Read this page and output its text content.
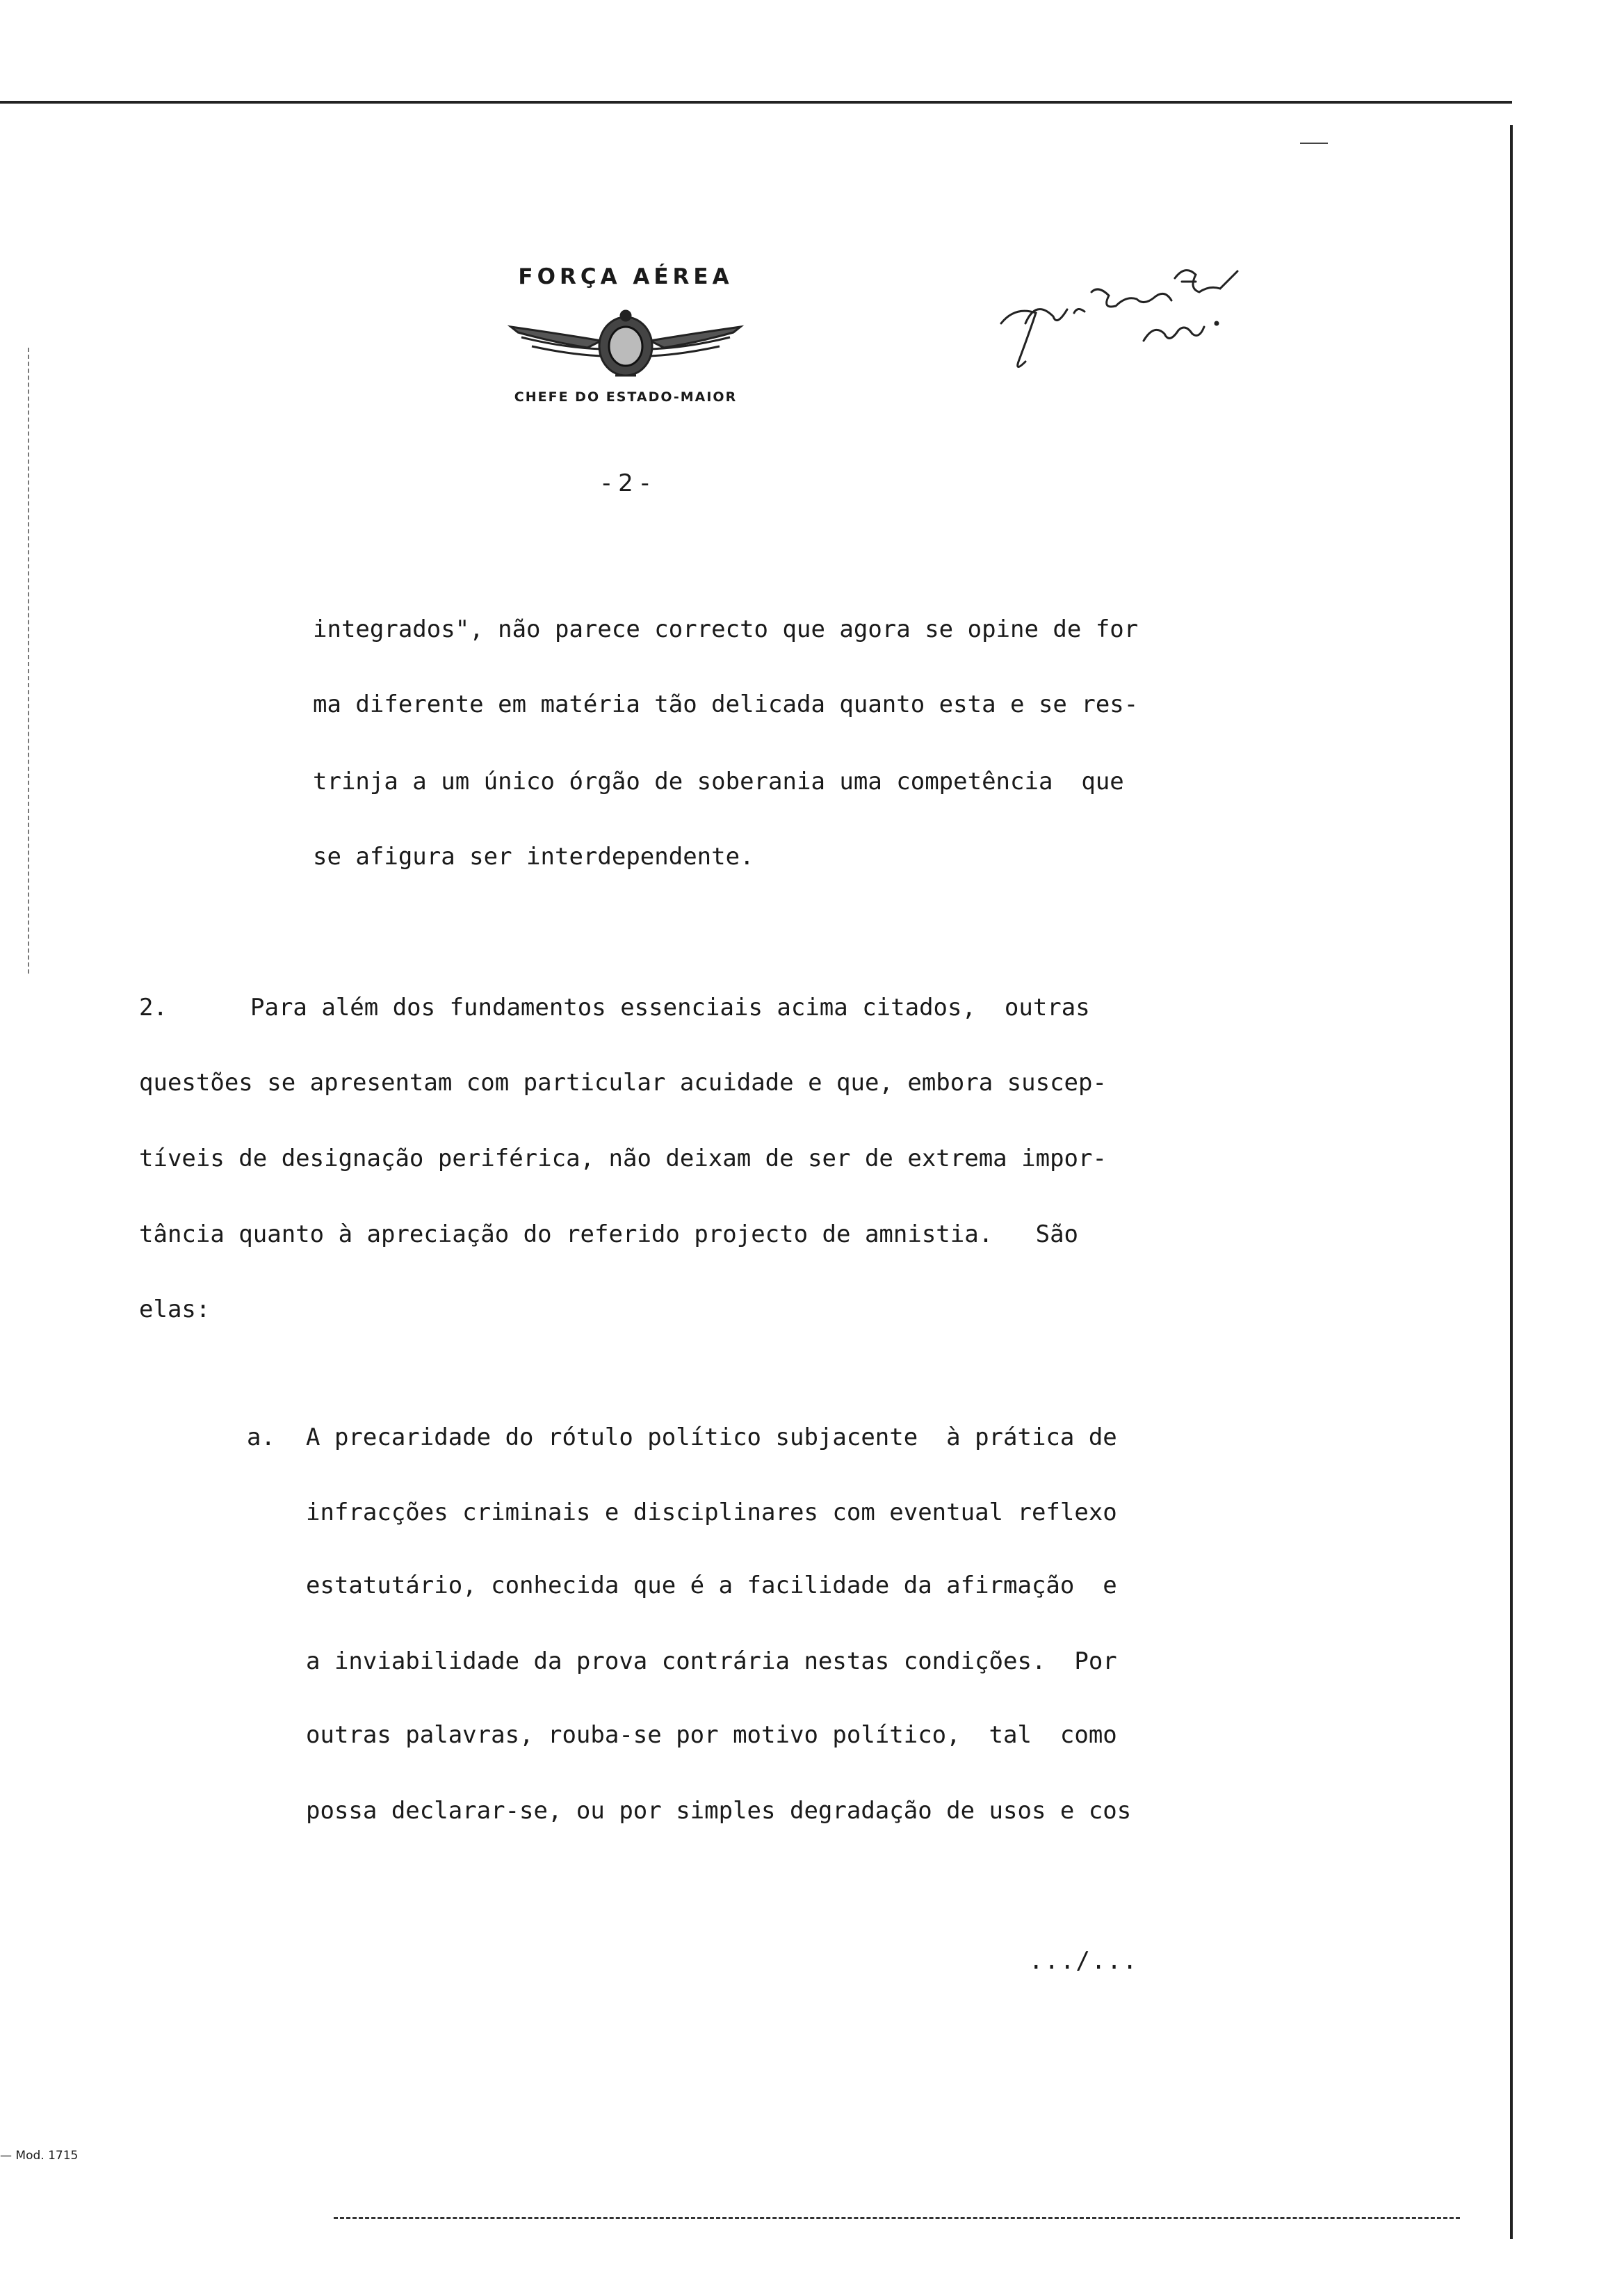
FORÇA AÉREA
CHEFE DO ESTADO-MAIOR
- 2 -
integrados", não parece correcto que agora se opine de for
ma diferente em matéria tão delicada quanto esta e se res-
trinja a um único órgão de soberania uma competência  que
se afigura ser interdependente.
2.	Para além dos fundamentos essenciais acima citados,  outras
questões se apresentam com particular acuidade e que, embora suscep-
tíveis de designação periférica, não deixam de ser de extrema impor-
tância quanto à apreciação do referido projecto de amnistia.   São
elas:
a. A precaridade do rótulo político subjacente  à prática de
infracções criminais e disciplinares com eventual reflexo
estatutário, conhecida que é a facilidade da afirmação  e
a inviabilidade da prova contrária nestas condições.  Por
outras palavras, rouba-se por motivo político,  tal  como
possa declarar-se, ou por simples degradação de usos e cos
.../...
— Mod. 1715
